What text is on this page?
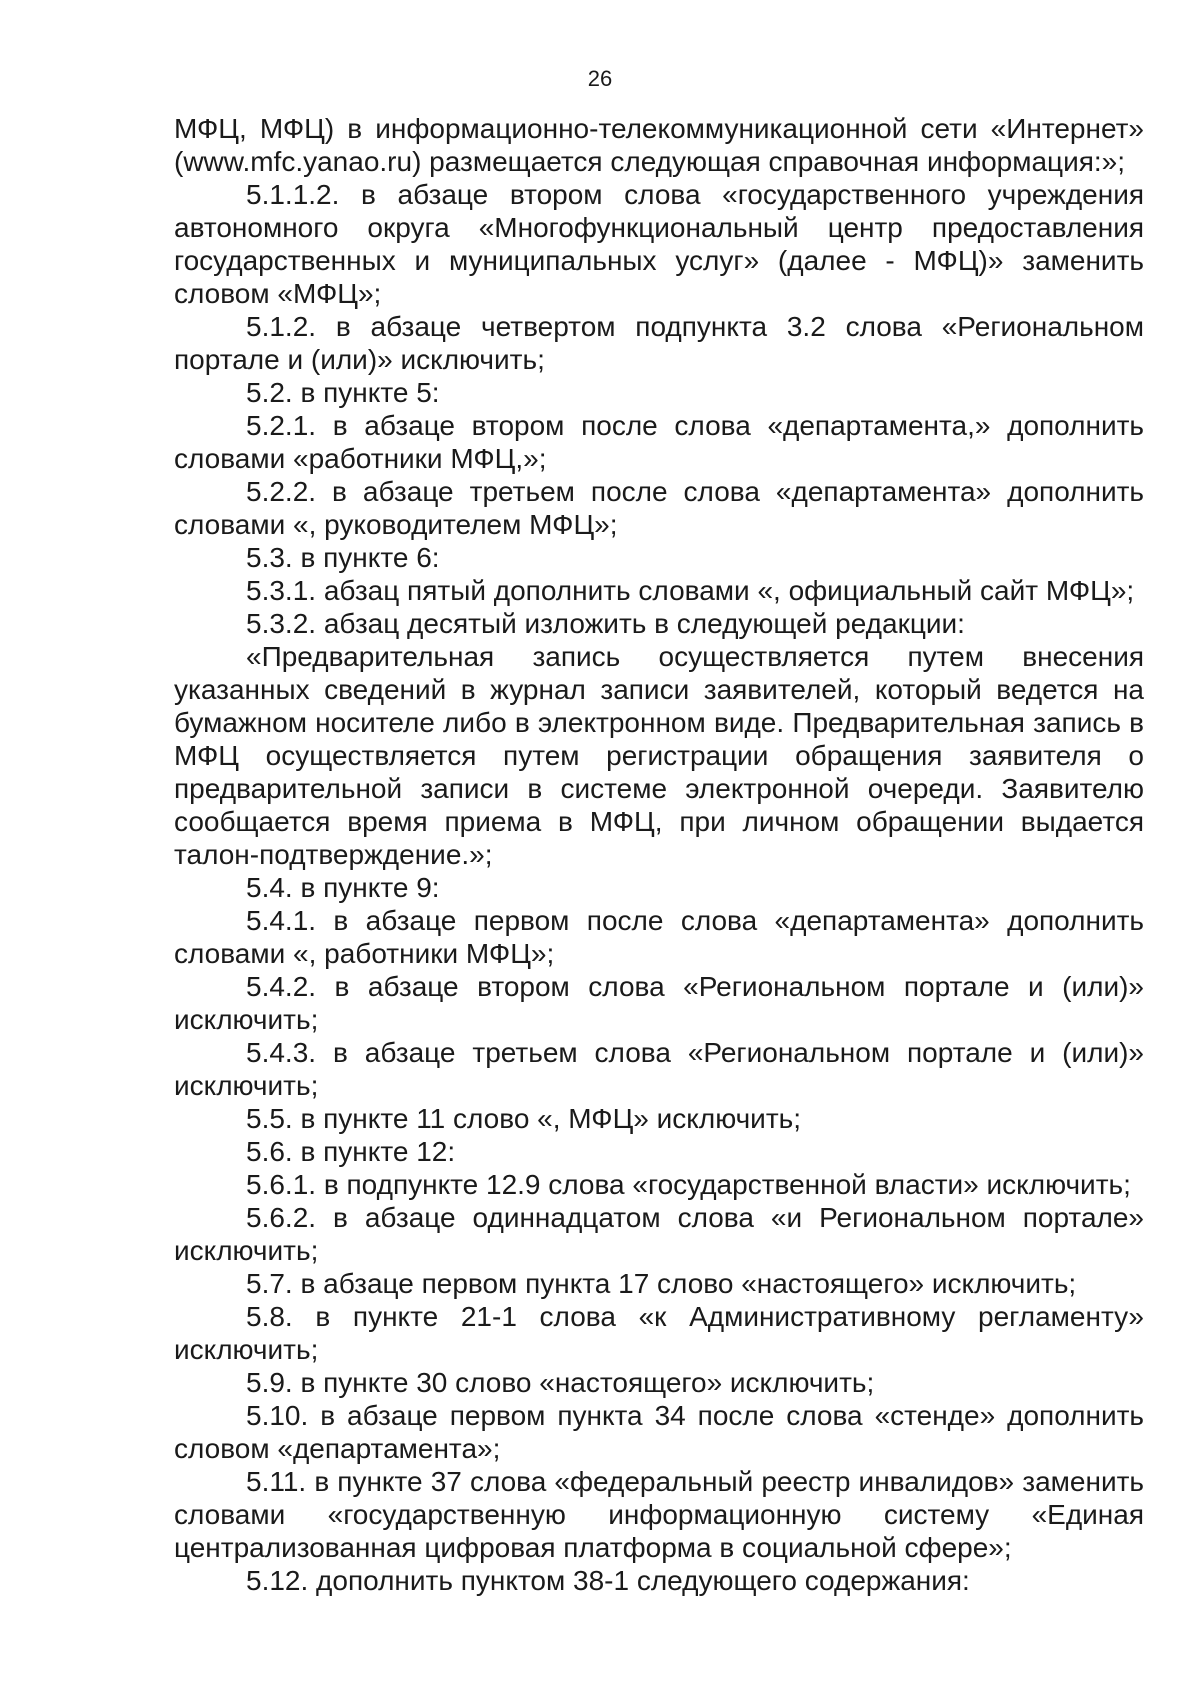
26

МФЦ, МФЦ) в информационно-телекоммуникационной сети «Интернет» (www.mfc.yanao.ru) размещается следующая справочная информация:»;

5.1.1.2. в абзаце втором слова «государственного учреждения автономного округа «Многофункциональный центр предоставления государственных и муниципальных услуг» (далее - МФЦ)» заменить словом «МФЦ»;

5.1.2. в абзаце четвертом подпункта 3.2 слова «Региональном портале и (или)» исключить;

5.2. в пункте 5:

5.2.1. в абзаце втором после слова «департамента,» дополнить словами «работники МФЦ,»;

5.2.2. в абзаце третьем после слова «департамента» дополнить словами «, руководителем МФЦ»;

5.3. в пункте 6:

5.3.1. абзац пятый дополнить словами «, официальный сайт МФЦ»;

5.3.2. абзац десятый изложить в следующей редакции:

«Предварительная запись осуществляется путем внесения указанных сведений в журнал записи заявителей, который ведется на бумажном носителе либо в электронном виде. Предварительная запись в МФЦ осуществляется путем регистрации обращения заявителя о предварительной записи в системе электронной очереди. Заявителю сообщается время приема в МФЦ, при личном обращении выдается талон-подтверждение.»;

5.4. в пункте 9:

5.4.1. в абзаце первом после слова «департамента» дополнить словами «, работники МФЦ»;

5.4.2. в абзаце втором слова «Региональном портале и (или)» исключить;

5.4.3. в абзаце третьем слова «Региональном портале и (или)» исключить;

5.5. в пункте 11 слово «, МФЦ» исключить;

5.6. в пункте 12:

5.6.1. в подпункте 12.9 слова «государственной власти» исключить;

5.6.2. в абзаце одиннадцатом слова «и Региональном портале» исключить;

5.7. в абзаце первом пункта 17 слово «настоящего» исключить;

5.8. в пункте 21-1 слова «к Административному регламенту» исключить;

5.9. в пункте 30 слово «настоящего» исключить;

5.10. в абзаце первом пункта 34 после слова «стенде» дополнить словом «департамента»;

5.11. в пункте 37 слова «федеральный реестр инвалидов» заменить словами «государственную информационную систему «Единая централизованная цифровая платформа в социальной сфере»;

5.12. дополнить пунктом 38-1 следующего содержания:
